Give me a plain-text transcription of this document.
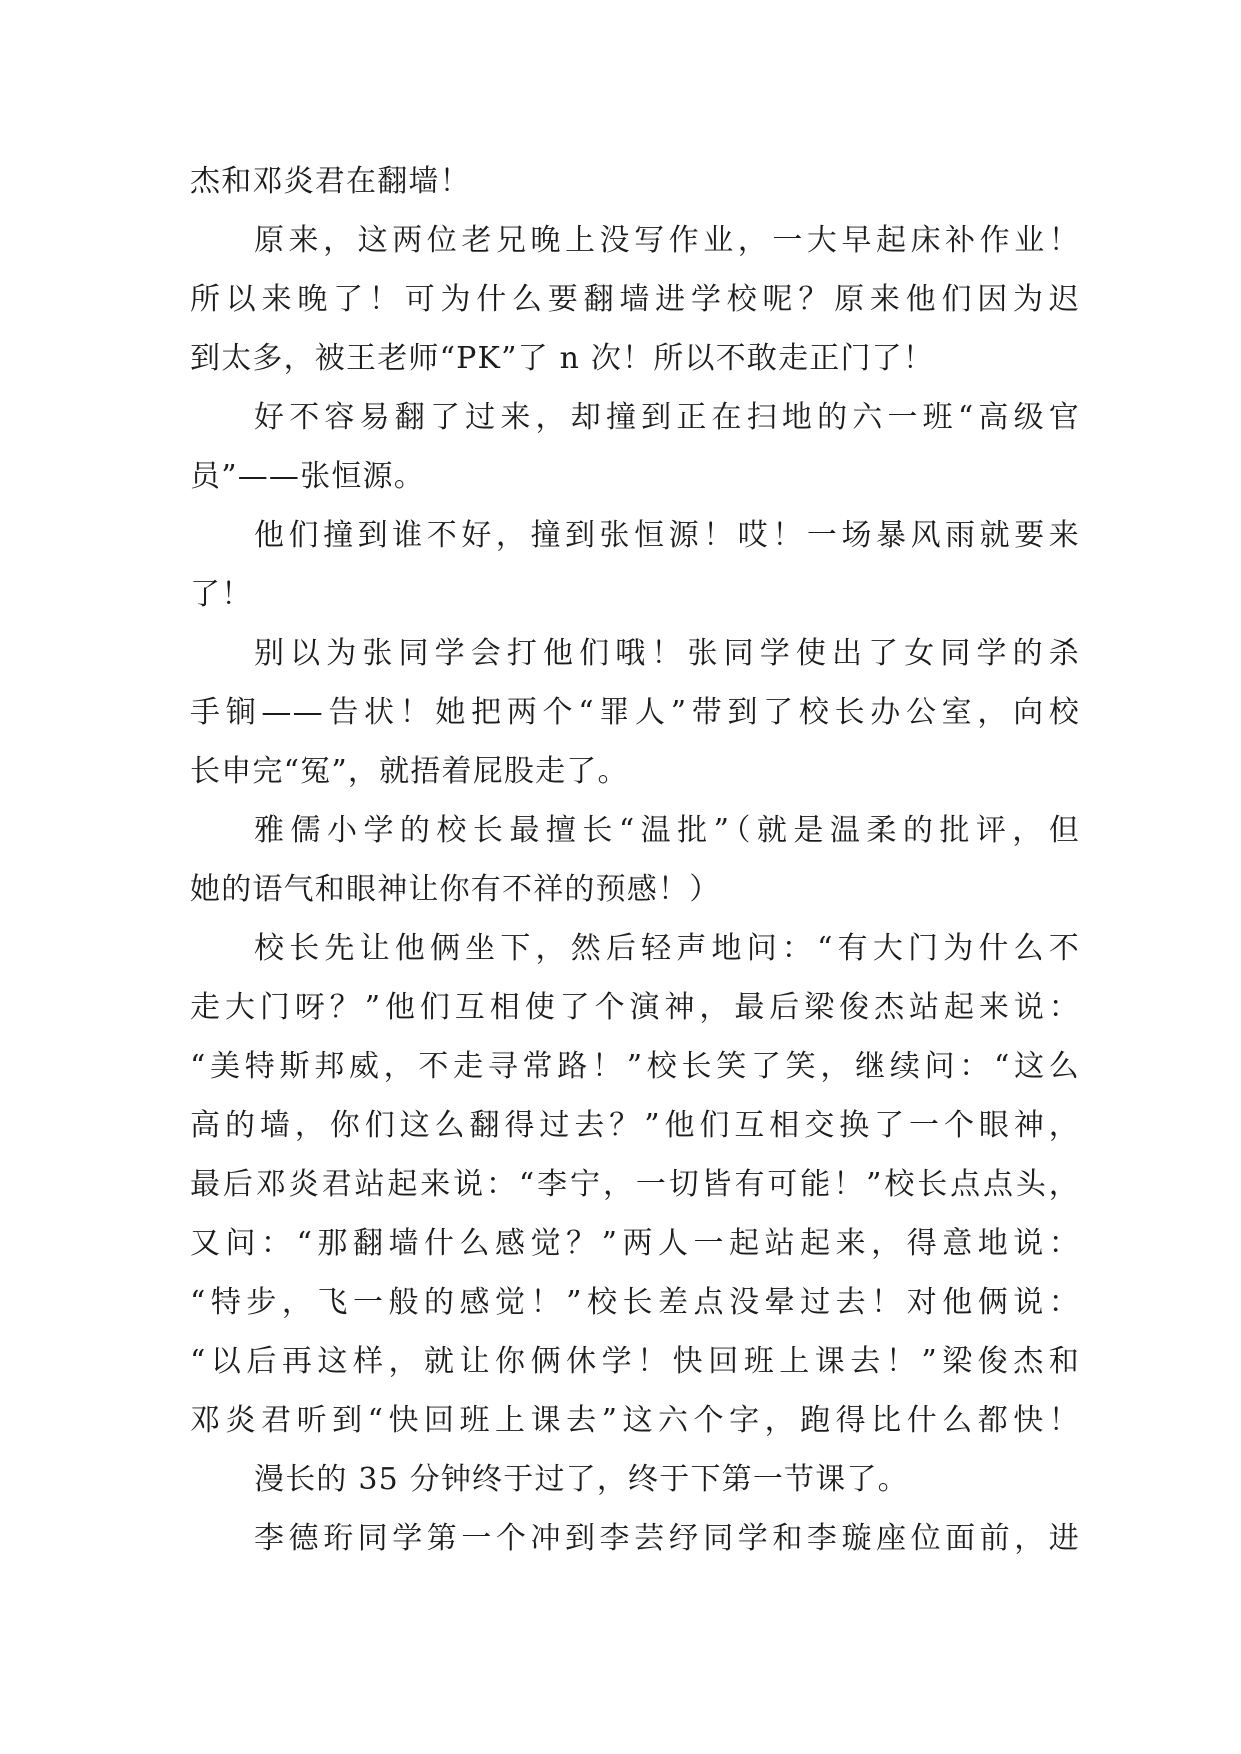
杰和邓炎君在翻墙！
原来，这两位老兄晚上没写作业，一大早起床补作业！
所以来晚了！可为什么要翻墙进学校呢？原来他们因为迟
到太多，被王老师“PK”了 n 次！所以不敢走正门了！
好不容易翻了过来，却撞到正在扫地的六一班“高级官
员”——张恒源。
他们撞到谁不好，撞到张恒源！哎！一场暴风雨就要来
了！
别以为张同学会打他们哦！张同学使出了女同学的杀
手锏——告状！她把两个“罪人”带到了校长办公室，向校
长申完“冤”，就捂着屁股走了。
雅儒小学的校长最擅长“温批”（就是温柔的批评，但
她的语气和眼神让你有不祥的预感！）
校长先让他俩坐下，然后轻声地问：“有大门为什么不
走大门呀？”他们互相使了个演神，最后梁俊杰站起来说：
“美特斯邦威，不走寻常路！”校长笑了笑，继续问：“这么
高的墙，你们这么翻得过去？”他们互相交换了一个眼神，
最后邓炎君站起来说：“李宁，一切皆有可能！”校长点点头，
又问：“那翻墙什么感觉？”两人一起站起来，得意地说：
“特步，飞一般的感觉！”校长差点没晕过去！对他俩说：
“以后再这样，就让你俩休学！快回班上课去！”梁俊杰和
邓炎君听到“快回班上课去”这六个字，跑得比什么都快！
漫长的 35 分钟终于过了，终于下第一节课了。
李德珩同学第一个冲到李芸纾同学和李璇座位面前，进
